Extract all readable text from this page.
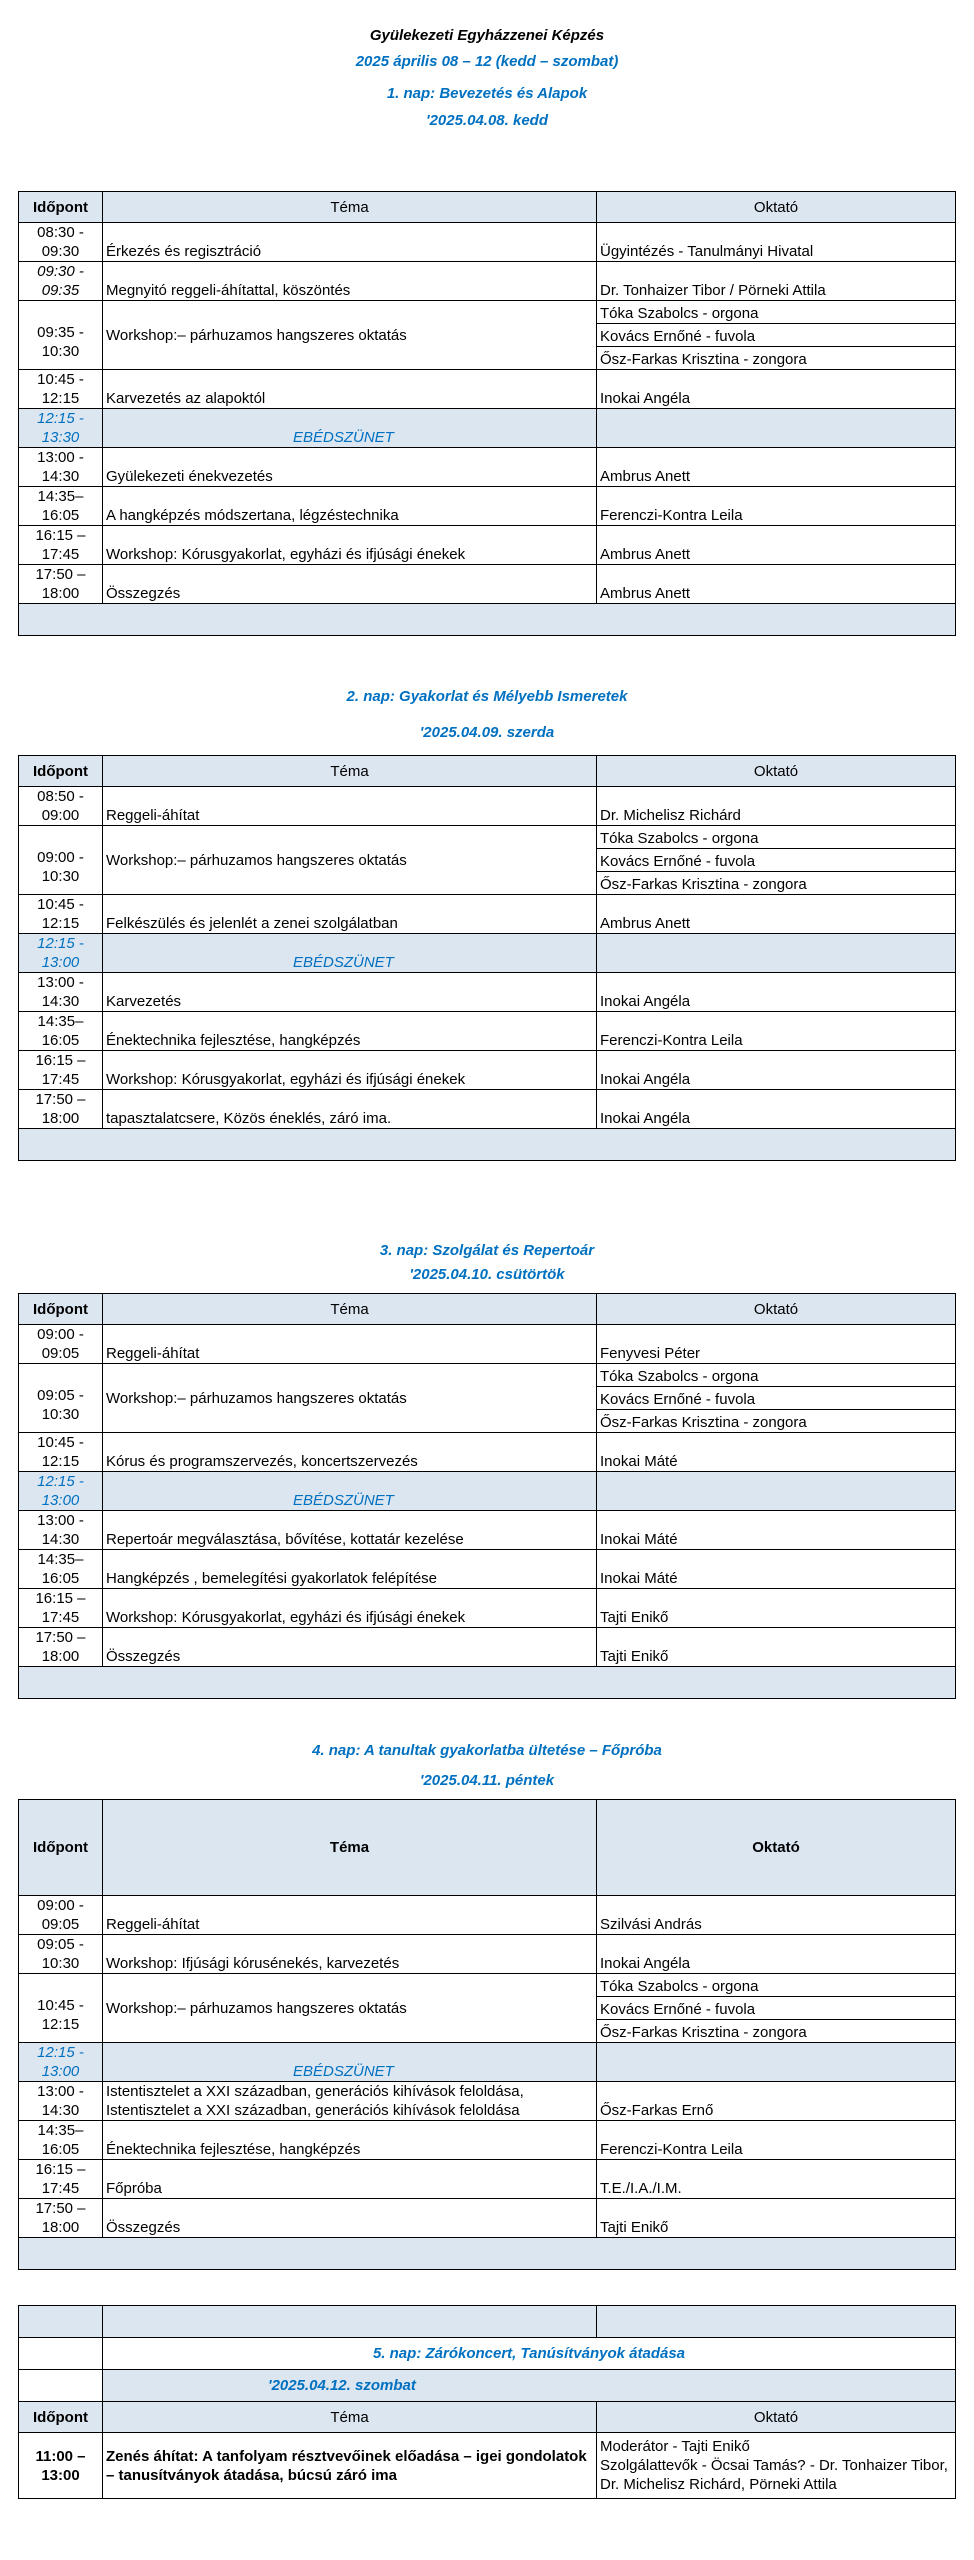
Gyülekezeti Egyházzenei Képzés
2025 április 08 – 12 (kedd – szombat)
1. nap: Bevezetés és Alapok
'2025.04.08. kedd
Időpont	Téma	Oktató
08:30 -
09:30	Érkezés és regisztráció	Ügyintézés - Tanulmányi Hivatal
09:30 -
09:35	Megnyitó reggeli-áhítattal, köszöntés	Dr. Tonhaizer Tibor / Pörneki Attila
09:35 -
10:30	Workshop:– párhuzamos hangszeres oktatás	Tóka Szabolcs - orgona
		Kovács Ernőné - fuvola
		Ősz-Farkas Krisztina - zongora
10:45 -
12:15	Karvezetés az alapoktól	Inokai Angéla
12:15 -
13:30	EBÉDSZÜNET	
13:00 -
14:30	Gyülekezeti énekvezetés	Ambrus Anett
14:35–
16:05	A hangképzés módszertana, légzéstechnika	Ferenczi-Kontra Leila
16:15 –
17:45	Workshop: Kórusgyakorlat, egyházi és ifjúsági énekek	Ambrus Anett
17:50 –
18:00	Összegzés	Ambrus Anett

2. nap: Gyakorlat és Mélyebb Ismeretek
'2025.04.09. szerda
Időpont	Téma	Oktató
08:50 -
09:00	Reggeli-áhítat	Dr. Michelisz Richárd
09:00 -
10:30	Workshop:– párhuzamos hangszeres oktatás	Tóka Szabolcs - orgona
		Kovács Ernőné - fuvola
		Ősz-Farkas Krisztina - zongora
10:45 -
12:15	Felkészülés és jelenlét a zenei szolgálatban	Ambrus Anett
12:15 -
13:00	EBÉDSZÜNET	
13:00 -
14:30	Karvezetés	Inokai Angéla
14:35–
16:05	Énektechnika fejlesztése, hangképzés	Ferenczi-Kontra Leila
16:15 –
17:45	Workshop: Kórusgyakorlat, egyházi és ifjúsági énekek	Inokai Angéla
17:50 –
18:00	tapasztalatcsere, Közös éneklés, záró ima.	Inokai Angéla

3. nap: Szolgálat és Repertoár
'2025.04.10. csütörtök
Időpont	Téma	Oktató
09:00 -
09:05	Reggeli-áhítat	Fenyvesi Péter
09:05 -
10:30	Workshop:– párhuzamos hangszeres oktatás	Tóka Szabolcs - orgona
		Kovács Ernőné - fuvola
		Ősz-Farkas Krisztina - zongora
10:45 -
12:15	Kórus és programszervezés, koncertszervezés	Inokai Máté
12:15 -
13:00	EBÉDSZÜNET	
13:00 -
14:30	Repertoár megválasztása, bővítése, kottatár kezelése	Inokai Máté
14:35–
16:05	Hangképzés , bemelegítési gyakorlatok felépítése	Inokai Máté
16:15 –
17:45	Workshop: Kórusgyakorlat, egyházi és ifjúsági énekek	Tajti Enikő
17:50 –
18:00	Összegzés	Tajti Enikő

4. nap: A tanultak gyakorlatba ültetése – Főpróba
'2025.04.11. péntek
Időpont	Téma	Oktató
09:00 -
09:05	Reggeli-áhítat	Szilvási András
09:05 -
10:30	Workshop: Ifjúsági kórusénekés, karvezetés	Inokai Angéla
10:45 -
12:15	Workshop:– párhuzamos hangszeres oktatás	Tóka Szabolcs - orgona
		Kovács Ernőné - fuvola
		Ősz-Farkas Krisztina - zongora
12:15 -
13:00	EBÉDSZÜNET	
13:00 -
14:30	Istentisztelet a XXI században, generációs kihívások feloldása,
Istentisztelet a XXI században, generációs kihívások feloldása	Ősz-Farkas Ernő
14:35–
16:05	Énektechnika fejlesztése, hangképzés	Ferenczi-Kontra Leila
16:15 –
17:45	Főpróba	T.E./I.A./I.M.
17:50 –
18:00	Összegzés	Tajti Enikő

	5. nap: Zárókoncert, Tanúsítványok átadása	
	'2025.04.12. szombat	
Időpont	Téma	Oktató
11:00 –
13:00	Zenés áhítat: A tanfolyam résztvevőinek előadása – igei gondolatok – tanusítványok átadása, búcsú záró ima	Moderátor - Tajti Enikő
Szolgálattevők - Öcsai Tamás? - Dr. Tonhaizer Tibor, Dr. Michelisz Richárd, Pörneki Attila
